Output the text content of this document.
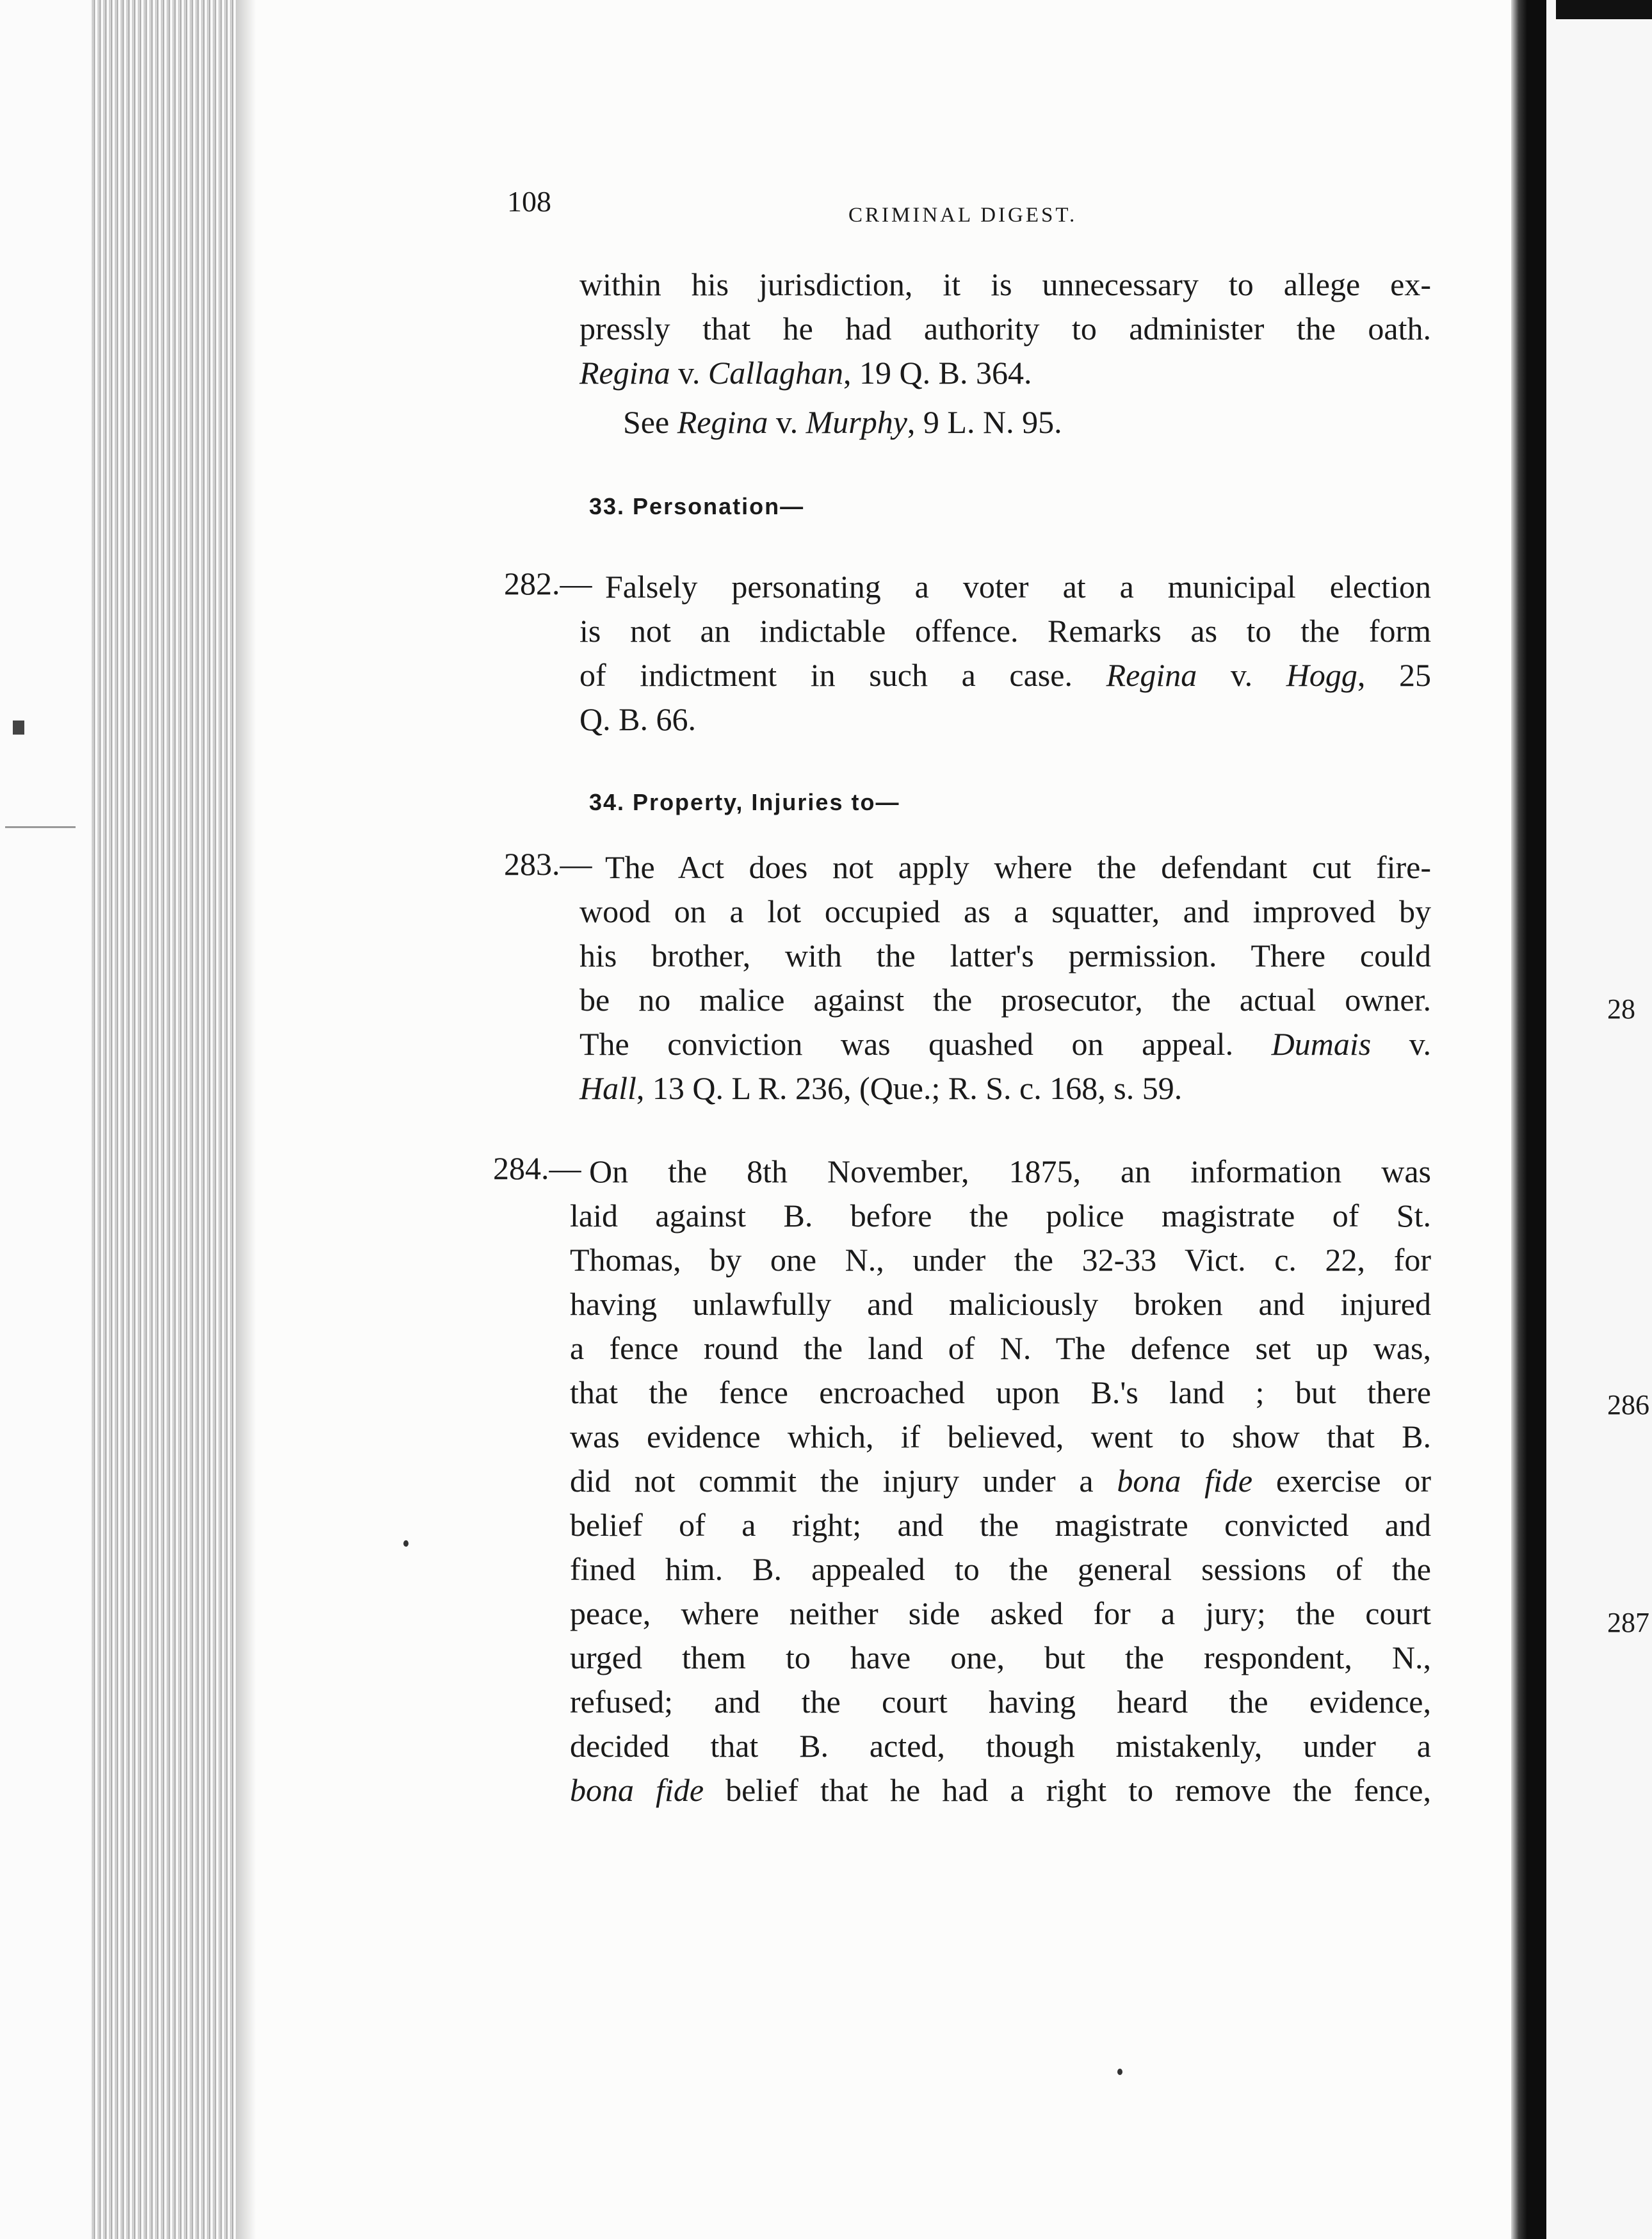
108	CRIMINAL DIGEST.
within his jurisdiction, it is unnecessary to allege ex-
pressly that he had authority to administer the oath.
Regina v. Callaghan, 19 Q. B. 364.
See Regina v. Murphy, 9 L. N. 95.
33. Personation—
282.— Falsely personating a voter at a municipal election
is not an indictable offence. Remarks as to the form
of indictment in such a case. Regina v. Hogg, 25
Q. B. 66.
34. Property, Injuries to—
283.— The Act does not apply where the defendant cut fire-
wood on a lot occupied as a squatter, and improved by
his brother, with the latter's permission. There could
be no malice against the prosecutor, the actual owner.
The conviction was quashed on appeal. Dumais v.
Hall, 13 Q. L R. 236, (Que.; R. S. c. 168, s. 59.
284.— On the 8th November, 1875, an information was
laid against B. before the police magistrate of St.
Thomas, by one N., under the 32-33 Vict. c. 22, for
having unlawfully and maliciously broken and injured
a fence round the land of N. The defence set up was,
that the fence encroached upon B.'s land ; but there
was evidence which, if believed, went to show that B.
did not commit the injury under a bona fide exercise or
belief of a right; and the magistrate convicted and
fined him. B. appealed to the general sessions of the
peace, where neither side asked for a jury; the court
urged them to have one, but the respondent, N.,
refused; and the court having heard the evidence,
decided that B. acted, though mistakenly, under a
bona fide belief that he had a right to remove the fence,
28
286
287
